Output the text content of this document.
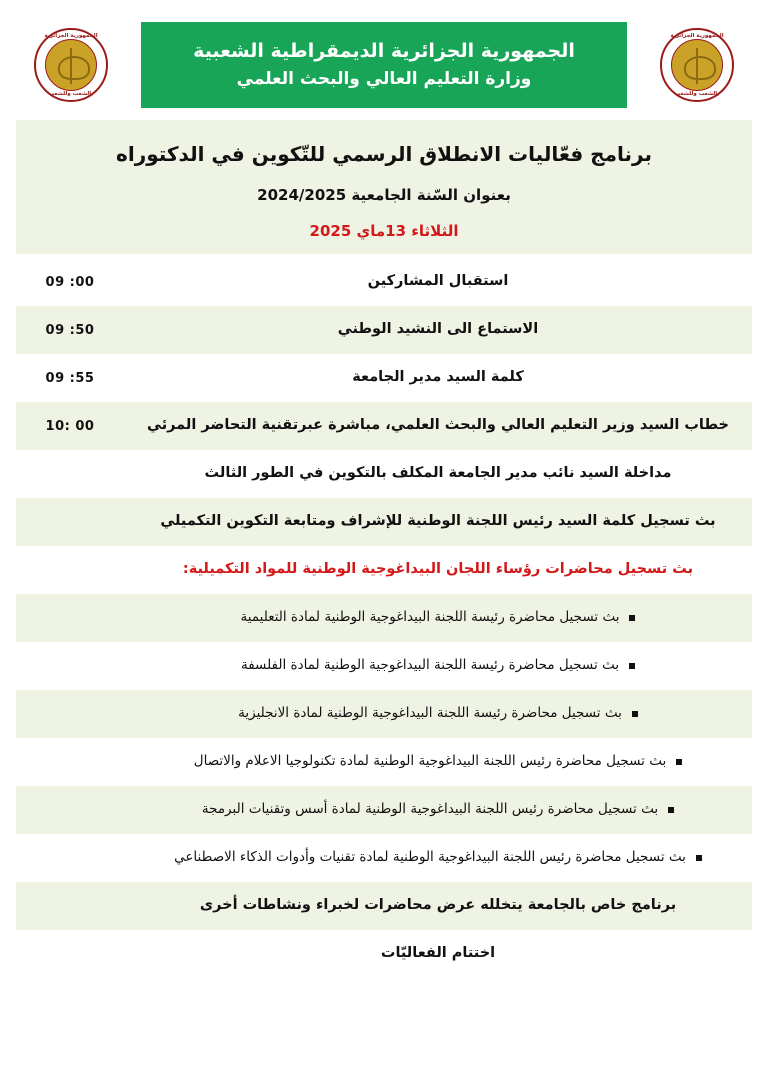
الجمهورية الجزائرية
بالشعب وللشعب
الجمهورية الجزائرية الديمقراطية الشعبية
وزارة التعليم العالي والبحث العلمي
الجمهورية الجزائرية
بالشعب وللشعب
برنامج فعّاليات الانطلاق الرسمي للتّكوين في الدكتوراه
بعنوان السّنة الجامعية 2024/2025
الثلاثاء 13ماي 2025
استقبال المشاركين
09 :00
الاستماع الى النشيد الوطني
09 :50
كلمة السيد مدير الجامعة
09 :55
خطاب السيد وزير التعليم العالي والبحث العلمي، مباشرة عبرتقنية التحاضر المرئي
10: 00
مداخلة السيد نائب مدير الجامعة المكلف بالتكوين في الطور الثالث
بث تسجيل كلمة السيد رئيس اللجنة الوطنية للإشراف ومتابعة التكوين التكميلي
بث تسجيل محاضرات رؤساء اللجان البيداغوجية الوطنية للمواد التكميلية:
بث تسجيل محاضرة رئيسة اللجنة البيداغوجية الوطنية لمادة التعليمية
بث تسجيل محاضرة رئيسة اللجنة البيداغوجية الوطنية لمادة الفلسفة
بث تسجيل محاضرة رئيسة اللجنة البيداغوجية الوطنية لمادة الانجليزية
بث تسجيل محاضرة رئيس اللجنة البيداغوجية الوطنية لمادة تكنولوجيا الاعلام والاتصال
بث تسجيل محاضرة رئيس اللجنة البيداغوجية الوطنية لمادة أسس وتقنيات البرمجة
بث تسجيل محاضرة رئيس اللجنة البيداغوجية الوطنية لمادة تقنيات وأدوات الذكاء الاصطناعي
برنامج خاص بالجامعة يتخلله عرض محاضرات لخبراء ونشاطات أخرى
اختتام الفعاليّات
